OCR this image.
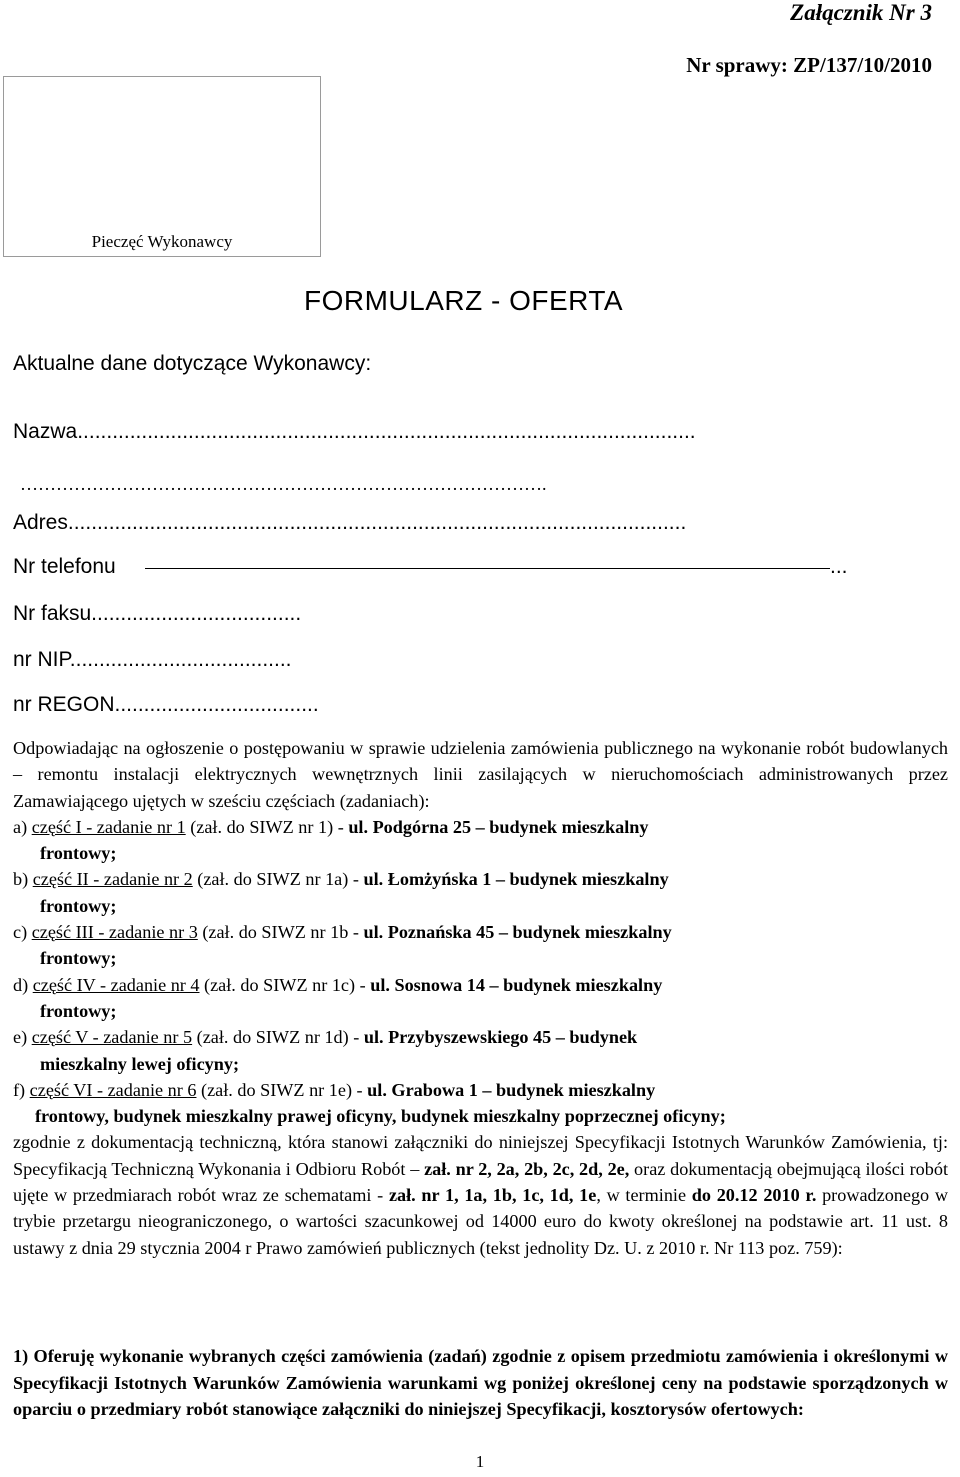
Załącznik Nr 3
Nr sprawy: ZP/137/10/2010
Pieczęć Wykonawcy
FORMULARZ - OFERTA
Aktualne dane dotyczące Wykonawcy:
Nazwa..........................................................................................................
…………………………………………………………………………….
Adres..........................................................................................................
Nr telefonu	...
Nr faksu....................................
nr NIP......................................
nr REGON...................................

Odpowiadając na ogłoszenie o postępowaniu w sprawie udzielenia zamówienia publicznego na wykonanie robót budowlanych – remontu instalacji elektrycznych wewnętrznych linii zasilających w nieruchomościach administrowanych przez Zamawiającego ujętych w sześciu częściach (zadaniach):

a) część I - zadanie nr 1 (zał. do SIWZ nr 1) - ul. Podgórna 25 – budynek mieszkalny
frontowy;
b) część II - zadanie nr 2 (zał. do SIWZ nr 1a) - ul. Łomżyńska 1 – budynek mieszkalny
frontowy;
c) część III - zadanie nr 3 (zał. do SIWZ nr 1b - ul. Poznańska 45 – budynek mieszkalny
frontowy;
d) część IV - zadanie nr 4 (zał. do SIWZ nr 1c) - ul. Sosnowa 14 – budynek mieszkalny
frontowy;
e) część V - zadanie nr 5 (zał. do SIWZ nr 1d) - ul. Przybyszewskiego 45 – budynek
mieszkalny lewej oficyny;
f) część VI - zadanie nr 6 (zał. do SIWZ nr 1e) - ul. Grabowa 1 – budynek mieszkalny
frontowy, budynek mieszkalny prawej oficyny, budynek mieszkalny poprzecznej oficyny;

zgodnie z dokumentacją techniczną, która stanowi załączniki do niniejszej Specyfikacji Istotnych Warunków Zamówienia, tj: Specyfikacją Techniczną Wykonania i Odbioru Robót – zał. nr 2, 2a, 2b, 2c, 2d, 2e, oraz dokumentacją obejmującą ilości robót ujęte w przedmiarach robót wraz ze schematami - zał. nr 1, 1a, 1b, 1c, 1d, 1e, w terminie do 20.12 2010 r. prowadzonego w trybie przetargu nieograniczonego, o wartości szacunkowej od 14000 euro do kwoty określonej na podstawie art. 11 ust. 8 ustawy z dnia 29 stycznia 2004 r Prawo zamówień publicznych (tekst jednolity Dz. U. z 2010 r. Nr 113 poz. 759):

1) Oferuję wykonanie wybranych części zamówienia (zadań) zgodnie z opisem przedmiotu zamówienia i określonymi w Specyfikacji Istotnych Warunków Zamówienia warunkami wg poniżej określonej ceny na podstawie sporządzonych w oparciu o przedmiary robót stanowiące załączniki do niniejszej Specyfikacji, kosztorysów ofertowych:
1
